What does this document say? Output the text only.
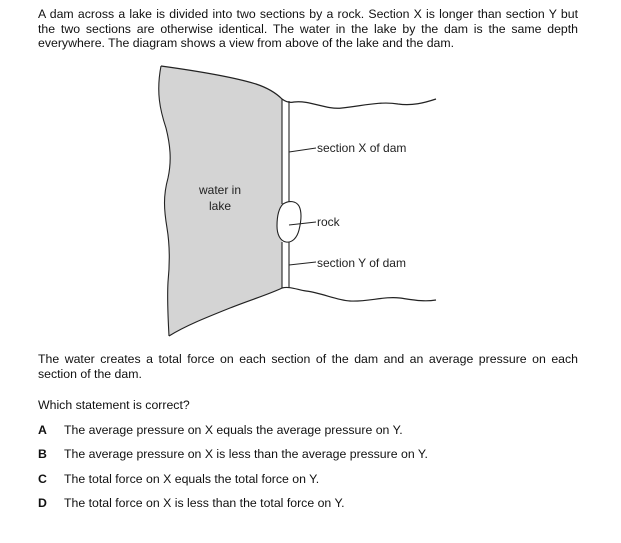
A dam across a lake is divided into two sections by a rock. Section X is longer than section Y but the two sections are otherwise identical. The water in the lake by the dam is the same depth everywhere. The diagram shows a view from above of the lake and the dam.
water in
lake
section X of dam
rock
section Y of dam
The water creates a total force on each section of the dam and an average pressure on each section of the dam.
Which statement is correct?
A The average pressure on X equals the average pressure on Y.
B The average pressure on X is less than the average pressure on Y.
C The total force on X equals the total force on Y.
D The total force on X is less than the total force on Y.
